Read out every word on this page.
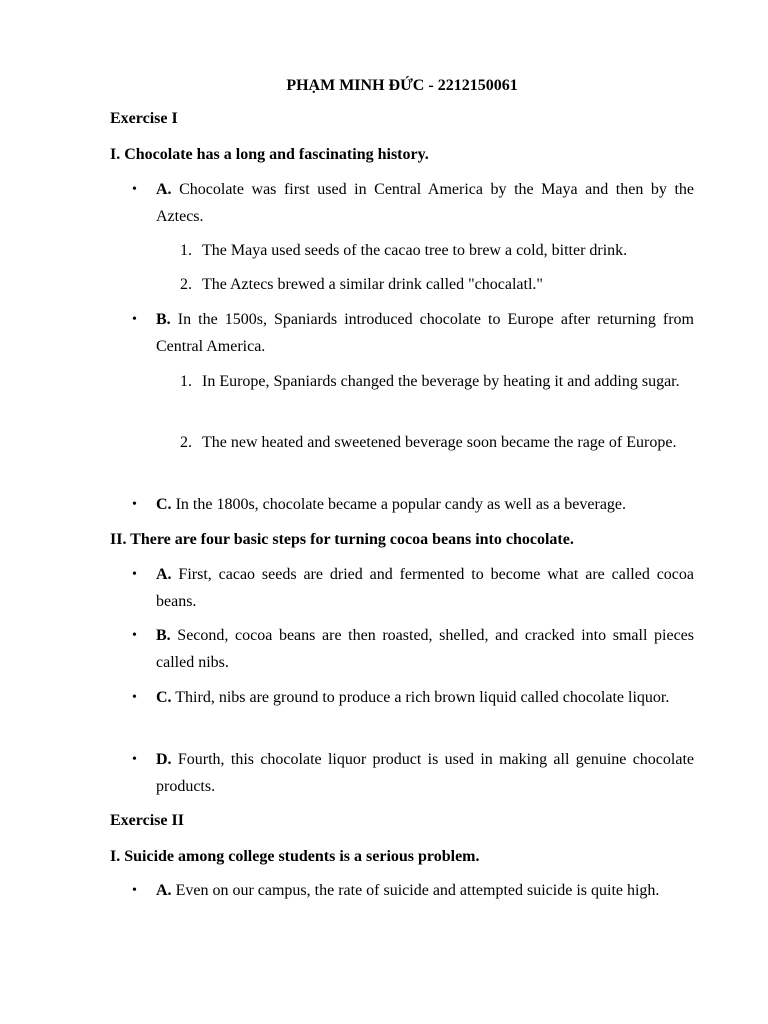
PHẠM MINH ĐỨC - 2212150061
Exercise I
I. Chocolate has a long and fascinating history.
• A. Chocolate was first used in Central America by the Maya and then by the Aztecs.
1. The Maya used seeds of the cacao tree to brew a cold, bitter drink.
2. The Aztecs brewed a similar drink called "chocalatl."
• B. In the 1500s, Spaniards introduced chocolate to Europe after returning from Central America.
1. In Europe, Spaniards changed the beverage by heating it and adding sugar.
2. The new heated and sweetened beverage soon became the rage of Europe.
• C. In the 1800s, chocolate became a popular candy as well as a beverage.
II. There are four basic steps for turning cocoa beans into chocolate.
• A. First, cacao seeds are dried and fermented to become what are called cocoa beans.
• B. Second, cocoa beans are then roasted, shelled, and cracked into small pieces called nibs.
• C. Third, nibs are ground to produce a rich brown liquid called chocolate liquor.
• D. Fourth, this chocolate liquor product is used in making all genuine chocolate products.
Exercise II
I. Suicide among college students is a serious problem.
• A. Even on our campus, the rate of suicide and attempted suicide is quite high.
